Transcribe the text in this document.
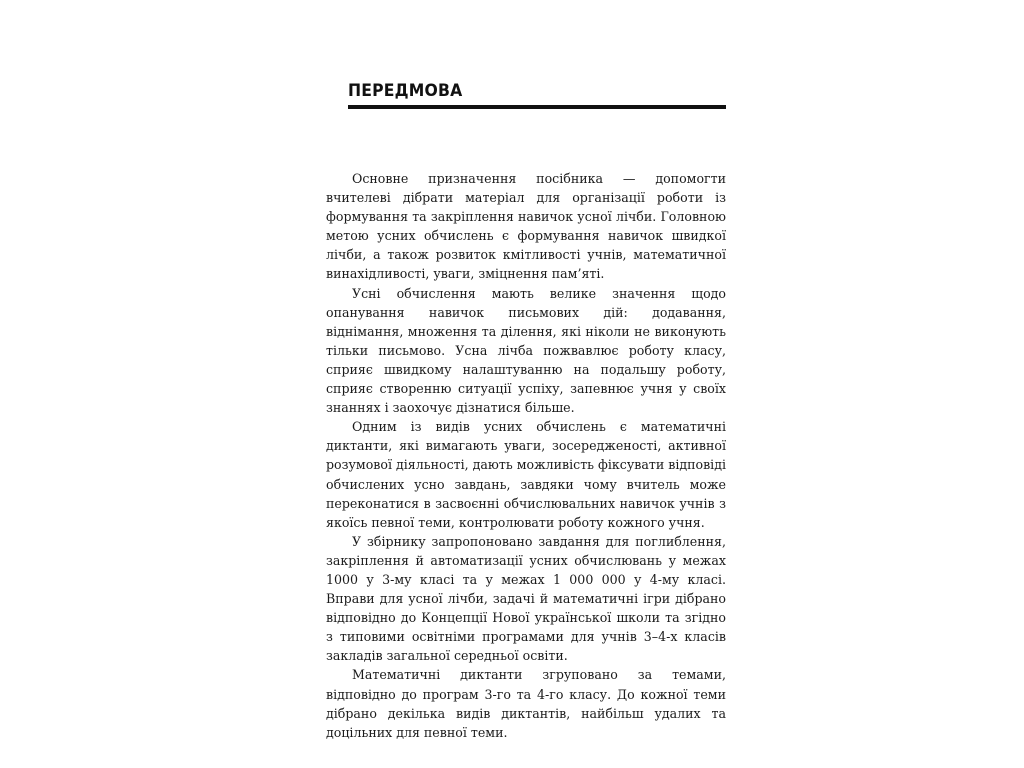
ПЕРЕДМОВА

Основне призначення посібника — допомогти вчителеві дібрати матеріал для організації роботи із формування та закріплення навичок усної лічби. Головною метою усних обчислень є формування навичок швидкої лічби, а також розвиток кмітливості учнів, математичної винахідливості, уваги, зміцнення пам’яті.

Усні обчислення мають велике значення щодо опанування навичок письмових дій: додавання, віднімання, множення та ділення, які ніколи не виконують тільки письмово. Усна лічба пожвавлює роботу класу, сприяє швидкому налаштуванню на подальшу роботу, сприяє створенню ситуації успіху, запевнює учня у своїх знаннях і заохочує дізнатися більше.

Одним із видів усних обчислень є математичні диктанти, які вимагають уваги, зосередженості, активної розумової діяльності, дають можливість фіксувати відповіді обчислених усно завдань, завдяки чому вчитель може переконатися в засвоєнні обчислювальних навичок учнів з якоїсь певної теми, контролювати роботу кожного учня.

У збірнику запропоновано завдання для поглиблення, закріплення й автоматизації усних обчислювань у межах 1000 у 3-му класі та у межах 1 000 000 у 4-му класі. Вправи для усної лічби, задачі й математичні ігри дібрано відповідно до Концепції Нової української школи та згідно з типовими освітніми програмами для учнів 3–4-х класів закладів загальної середньої освіти.

Математичні диктанти згруповано за темами, відповідно до програм 3-го та 4-го класу. До кожної теми дібрано декілька видів диктантів, найбільш удалих та доцільних для певної теми.
